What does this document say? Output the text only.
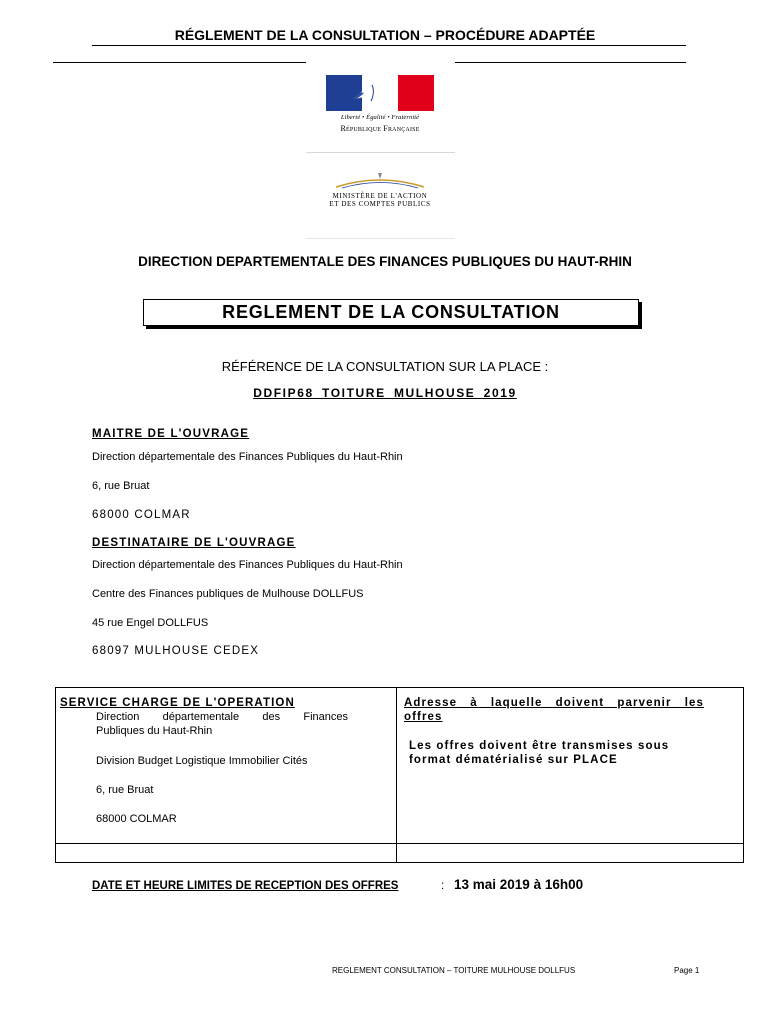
RÉGLEMENT DE LA CONSULTATION – PROCÉDURE ADAPTÉE
Liberté • Égalité • Fraternité
République Française
MINISTÈRE DE L'ACTION
ET DES COMPTES PUBLICS
DIRECTION DEPARTEMENTALE DES FINANCES PUBLIQUES DU HAUT-RHIN
REGLEMENT DE LA CONSULTATION
RÉFÉRENCE DE LA CONSULTATION SUR LA PLACE :
DDFIP68_TOITURE_MULHOUSE_2019
MAITRE DE L'OUVRAGE
Direction départementale des Finances Publiques du Haut-Rhin
6, rue Bruat
68000 COLMAR
DESTINATAIRE DE L'OUVRAGE
Direction départementale des Finances Publiques du Haut-Rhin
Centre des Finances publiques de Mulhouse DOLLFUS
45 rue Engel DOLLFUS
68097 MULHOUSE CEDEX
SERVICE CHARGE DE L'OPERATION
Direction départementale des Finances
Publiques du Haut-Rhin
Division Budget Logistique Immobilier Cités
6, rue Bruat
68000 COLMAR
Adresse à laquelle doivent parvenir les
offres
Les offres doivent être transmises sous
format dématérialisé sur PLACE
DATE ET HEURE LIMITES DE RECEPTION DES OFFRES	: 13 mai 2019 à 16h00
REGLEMENT CONSULTATION – TOITURE MULHOUSE DOLLFUS	Page 1
